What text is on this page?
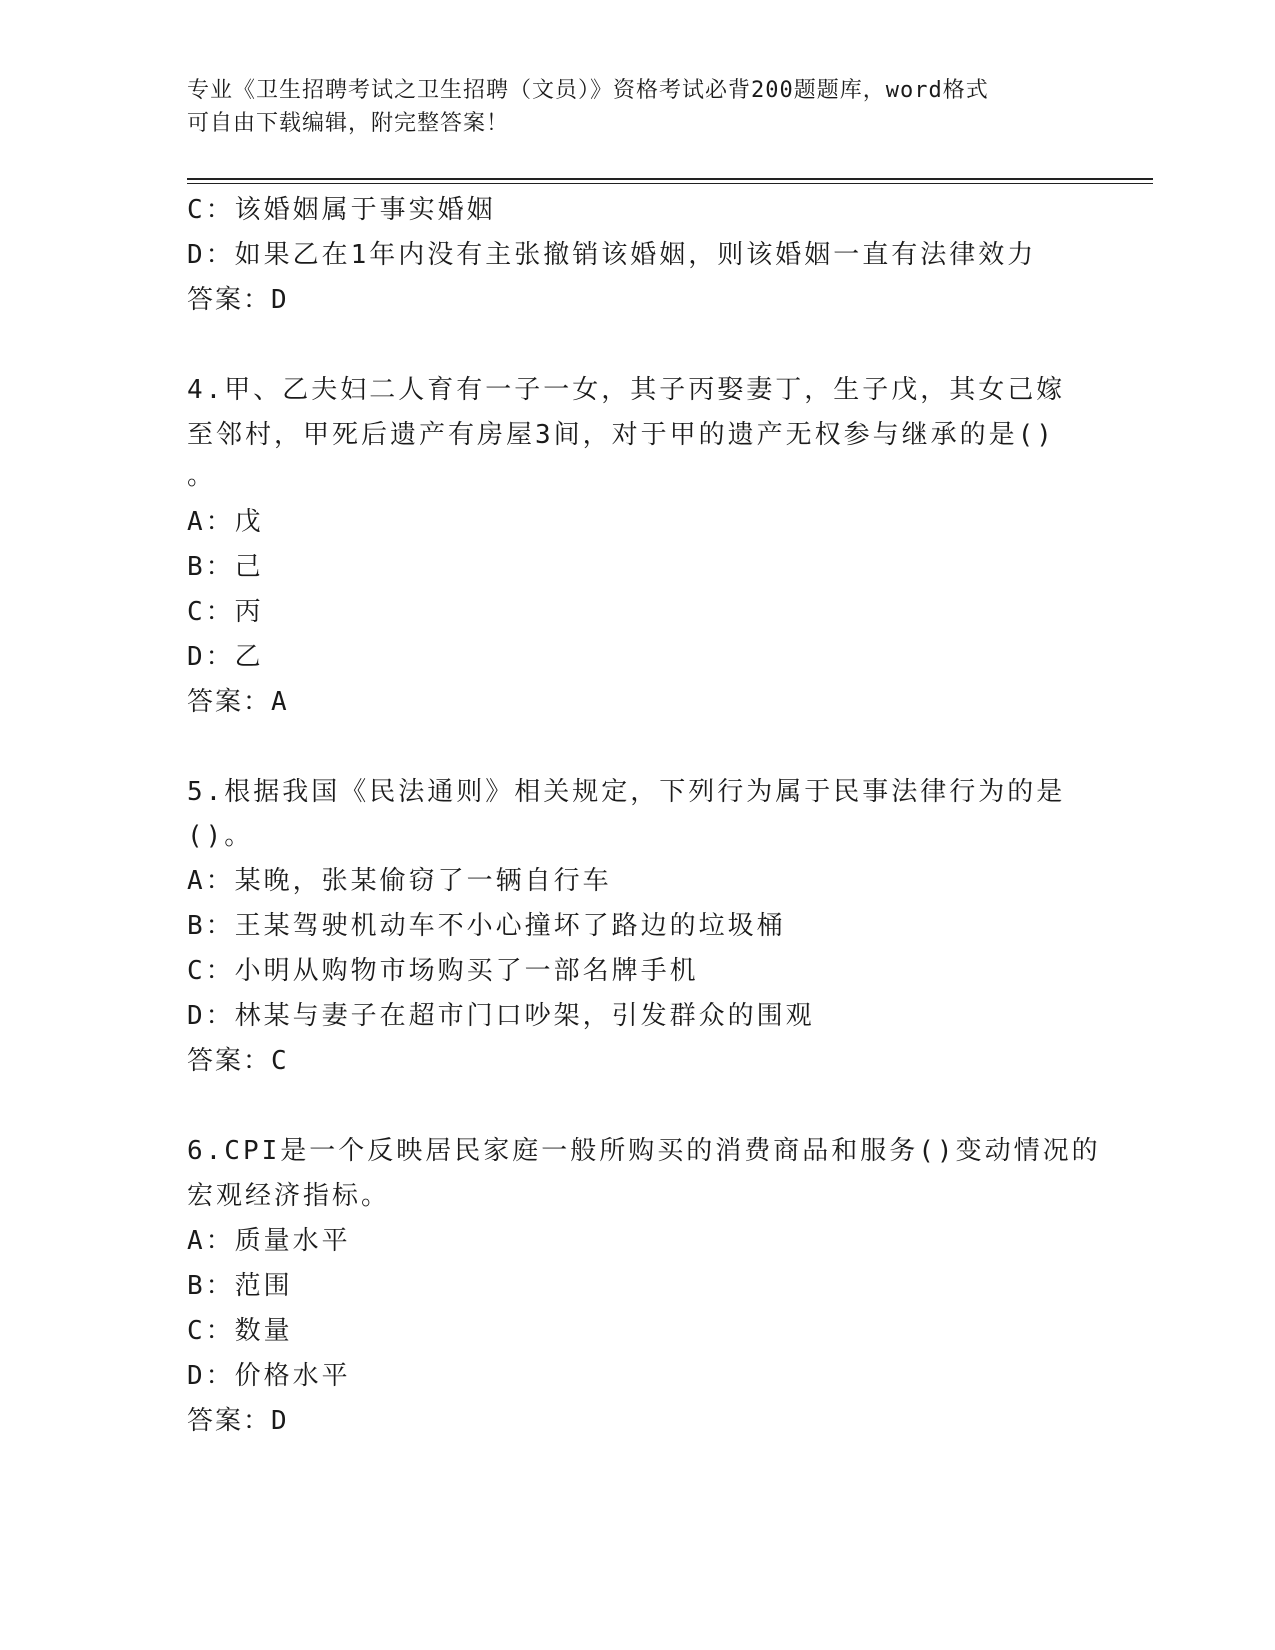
专业《卫生招聘考试之卫生招聘（文员）》资格考试必背200题题库，word格式
可自由下载编辑，附完整答案！
C：该婚姻属于事实婚姻
D：如果乙在1年内没有主张撤销该婚姻，则该婚姻一直有法律效力
答案：D
4.甲、乙夫妇二人育有一子一女，其子丙娶妻丁，生子戊，其女己嫁
至邻村，甲死后遗产有房屋3间，对于甲的遗产无权参与继承的是()
。
A：戊
B：己
C：丙
D：乙
答案：A
5.根据我国《民法通则》相关规定，下列行为属于民事法律行为的是
()。
A：某晚，张某偷窃了一辆自行车
B：王某驾驶机动车不小心撞坏了路边的垃圾桶
C：小明从购物市场购买了一部名牌手机
D：林某与妻子在超市门口吵架，引发群众的围观
答案：C
6.CPI是一个反映居民家庭一般所购买的消费商品和服务()变动情况的
宏观经济指标。
A：质量水平
B：范围
C：数量
D：价格水平
答案：D
